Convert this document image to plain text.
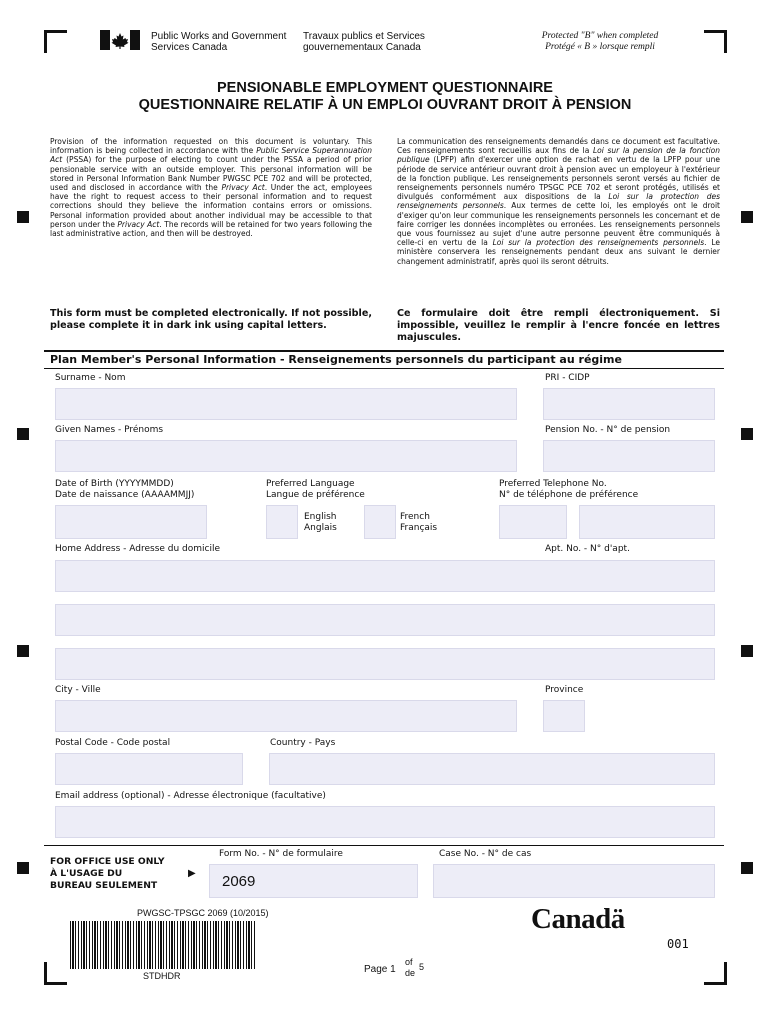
Public Works and Government
Services Canada
Travaux publics et Services
gouvernementaux Canada
Protected "B" when completed
Protégé « B » lorsque rempli
PENSIONABLE EMPLOYMENT QUESTIONNAIRE
QUESTIONNAIRE RELATIF À UN EMPLOI OUVRANT DROIT À PENSION
Provision of the information requested on this document is voluntary. This information is being collected in accordance with the Public Service Superannuation Act (PSSA) for the purpose of electing to count under the PSSA a period of prior pensionable service with an outside employer. This personal information will be stored in Personal Information Bank Number PWGSC PCE 702 and will be protected, used and disclosed in accordance with the Privacy Act. Under the act, employees have the right to request access to their personal information and to request corrections should they believe the information contains errors or omissions. Personal information provided about another individual may be accessible to that person under the Privacy Act. The records will be retained for two years following the last administrative action, and then will be destroyed.
La communication des renseignements demandés dans ce document est facultative. Ces renseignements sont recueillis aux fins de la Loi sur la pension de la fonction publique (LPFP) afin d'exercer une option de rachat en vertu de la LPFP pour une période de service antérieur ouvrant droit à pension avec un employeur à l'extérieur de la fonction publique. Les renseignements personnels seront versés au fichier de renseignements personnels numéro TPSGC PCE 702 et seront protégés, utilisés et divulgués conformément aux dispositions de la Loi sur la protection des renseignements personnels. Aux termes de cette loi, les employés ont le droit d'exiger qu'on leur communique les renseignements personnels les concernant et de faire corriger les données incomplètes ou erronées. Les renseignements personnels que vous fournissez au sujet d'une autre personne peuvent être communiqués à celle-ci en vertu de la Loi sur la protection des renseignements personnels. Le ministère conservera les renseignements pendant deux ans suivant le dernier changement administratif, après quoi ils seront détruits.
This form must be completed electronically. If not possible, please complete it in dark ink using capital letters.
Ce formulaire doit être rempli électroniquement. Si impossible, veuillez le remplir à l'encre foncée en lettres majuscules.
Plan Member's Personal Information - Renseignements personnels du participant au régime
Surname - Nom	PRI - CIDP
Given Names - Prénoms	Pension No. - N° de pension
Date of Birth (YYYYMMDD)
Date de naissance (AAAAMMJJ)
Preferred Language
Langue de préférence
Preferred Telephone No.
N° de téléphone de préférence
English
Anglais
French
Français
Home Address - Adresse du domicile	Apt. No. - N° d'apt.
City - Ville	Province
Postal Code - Code postal	Country - Pays
Email address (optional) - Adresse électronique (facultative)
FOR OFFICE USE ONLY
À L'USAGE DU
BUREAU SEULEMENT
▶
Form No. - N° de formulaire	Case No. - N° de cas
2069
PWGSC-TPSGC 2069 (10/2015)
STDHDR
Page 1
of
de
5
Canadä
001
